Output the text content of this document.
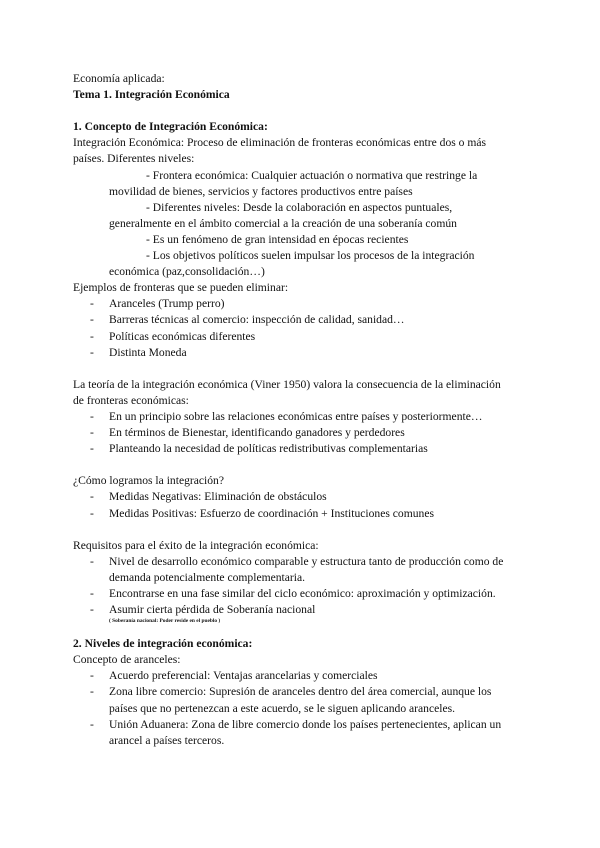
Economía aplicada:
Tema 1. Integración Económica
1. Concepto de Integración Económica:
Integración Económica: Proceso de eliminación de fronteras económicas entre dos o más
países. Diferentes niveles:
- Frontera económica: Cualquier actuación o normativa que restringe la
movilidad de bienes, servicios y factores productivos entre países
- Diferentes niveles: Desde la colaboración en aspectos puntuales,
generalmente en el ámbito comercial a la creación de una soberanía común
- Es un fenómeno de gran intensidad en épocas recientes
- Los objetivos políticos suelen impulsar los procesos de la integración
económica (paz,consolidación…)
Ejemplos de fronteras que se pueden eliminar:
- Aranceles (Trump perro)
- Barreras técnicas al comercio: inspección de calidad, sanidad…
- Políticas económicas diferentes
- Distinta Moneda
La teoría de la integración económica (Viner 1950) valora la consecuencia de la eliminación
de fronteras económicas:
- En un principio sobre las relaciones económicas entre países y posteriormente…
- En términos de Bienestar, identificando ganadores y perdedores
- Planteando la necesidad de políticas redistributivas complementarias
¿Cómo logramos la integración?
- Medidas Negativas: Eliminación de obstáculos
- Medidas Positivas: Esfuerzo de coordinación + Instituciones comunes
Requisitos para el éxito de la integración económica:
- Nivel de desarrollo económico comparable y estructura tanto de producción como de
demanda potencialmente complementaria.
- Encontrarse en una fase similar del ciclo económico: aproximación y optimización.
- Asumir cierta pérdida de Soberanía nacional
( Soberanía nacional: Poder reside en el pueblo )
2. Niveles de integración económica:
Concepto de aranceles:
- Acuerdo preferencial: Ventajas arancelarias y comerciales
- Zona libre comercio: Supresión de aranceles dentro del área comercial, aunque los
países que no pertenezcan a este acuerdo, se le siguen aplicando aranceles.
- Unión Aduanera: Zona de libre comercio donde los países pertenecientes, aplican un
arancel a países terceros.
